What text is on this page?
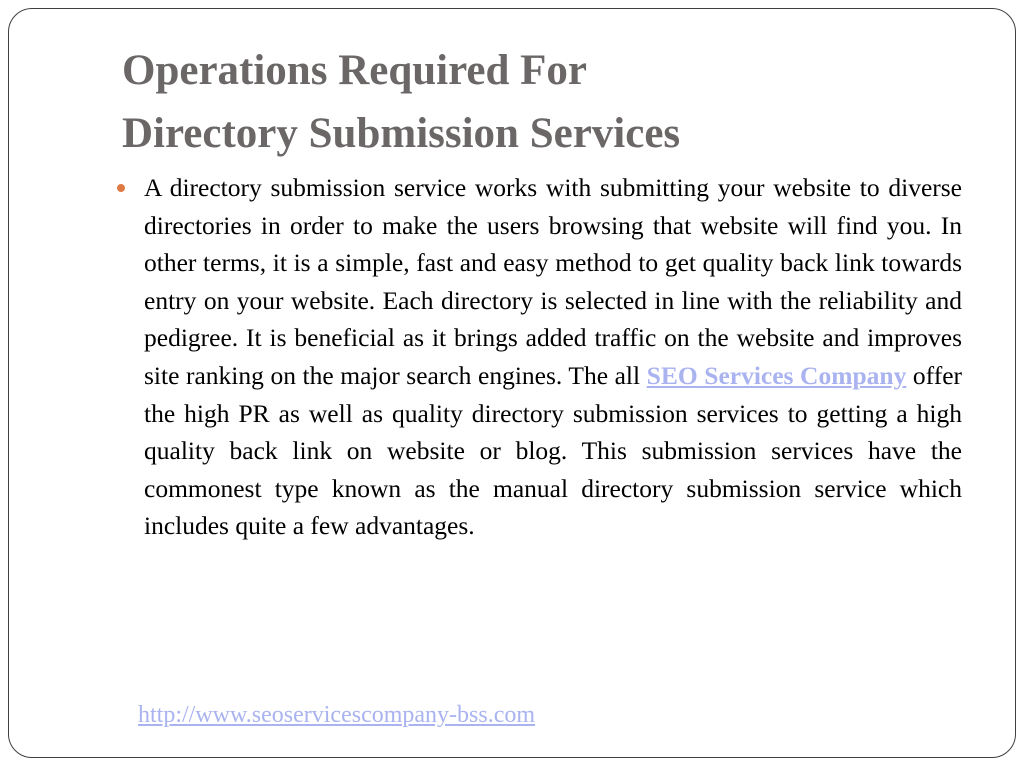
Operations Required For
Directory Submission Services

A directory submission service works with submitting your website to diverse directories in order to make the users browsing that website will find you. In other terms, it is a simple, fast and easy method to get quality back link towards entry on your website. Each directory is selected in line with the reliability and pedigree. It is beneficial as it brings added traffic on the website and improves site ranking on the major search engines. The all SEO Services Company offer the high PR as well as quality directory submission services to getting a high quality back link on website or blog. This submission services have the commonest type known as the manual directory submission service which includes quite a few advantages.

http://www.seoservicescompany-bss.com
